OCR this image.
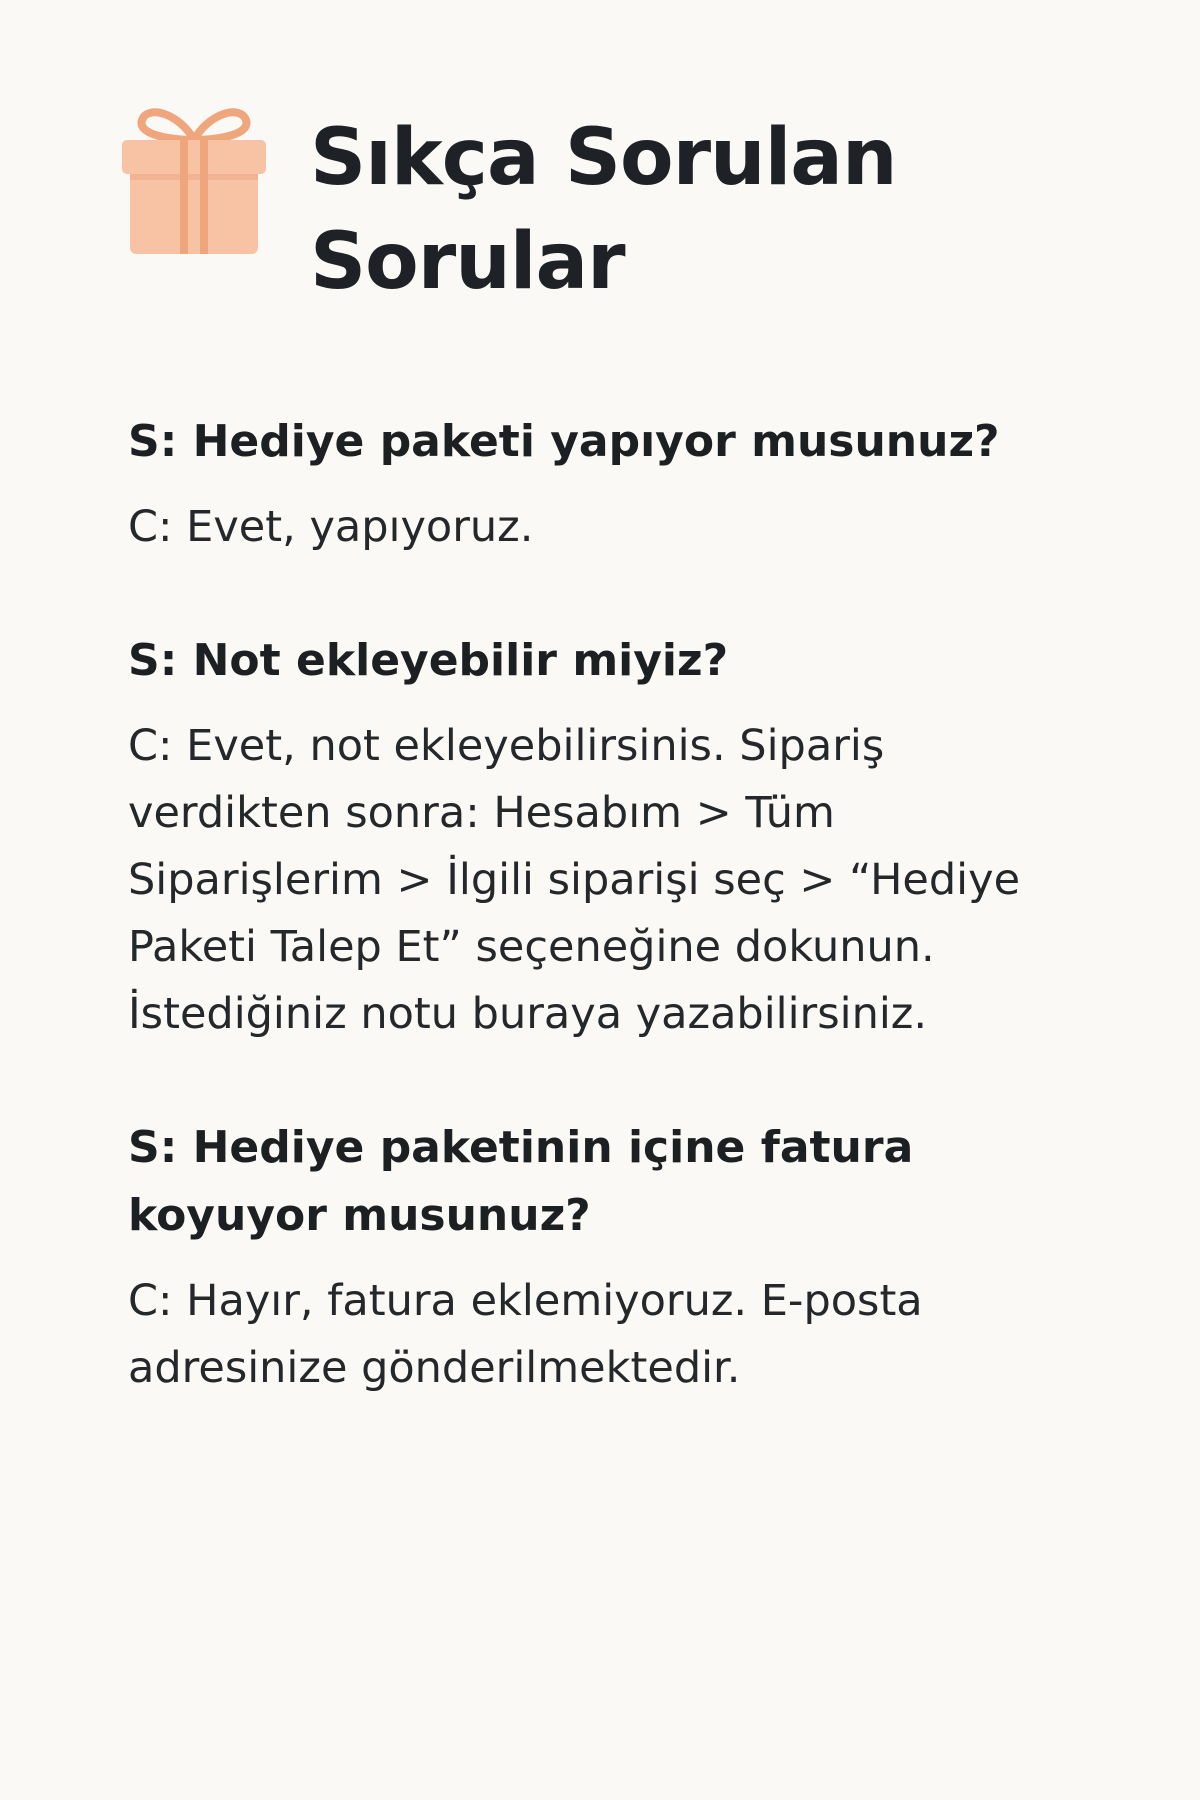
Sıkça Sorulan Sorular

S: Hediye paketi yapıyor musunuz?

C: Evet, yapıyoruz.

S: Not ekleyebilir miyiz?

C: Evet, not ekleyebilirsinis. Sipariş verdikten sonra: Hesabım > Tüm Siparişlerim > İlgili siparişi seç > “Hediye Paketi Talep Et” seçeneğine dokunun. İstediğiniz notu buraya yazabilirsiniz.

S: Hediye paketinin içine fatura koyuyor musunuz?

C: Hayır, fatura eklemiyoruz. E-posta adresinize gönderilmektedir.
